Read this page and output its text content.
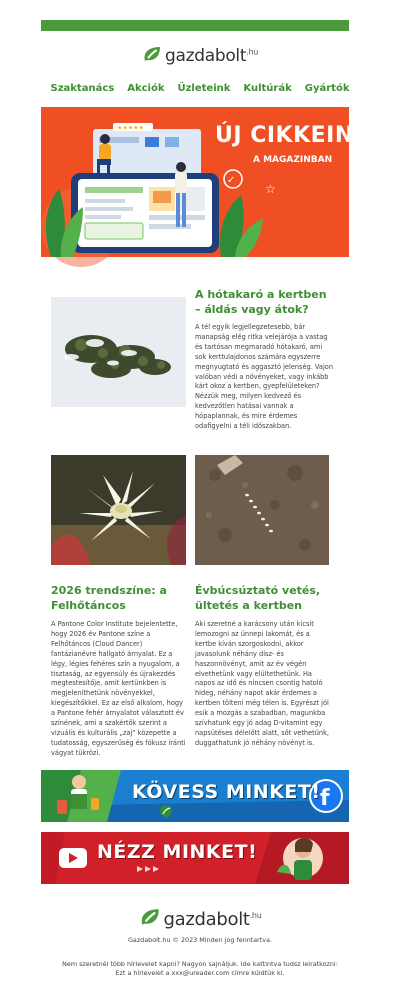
gazdabolt$^{.hu}$
Szaktanács Akciók Üzleteink Kultúrák Gyártók
★★★★★
✓
☆
ÚJ CIKKEINK
A MAGAZINBAN
A hótakaró a kertben – áldás vagy átok?
A tél egyik legjellegzetesebb, bár manapság elég ritka velejárója a vastag és tartósan megmaradó hótakaró, ami sok kerttulajdonos számára egyszerre megnyugtató és aggasztó jelenség. Vajon valóban védi a növényeket, vagy inkább kárt okoz a kertben, gyepfelületeken? Nézzük meg, milyen kedvező és kedvezőtlen hatásai vannak a hópaplannak, és mire érdemes odafigyelni a téli időszakban.
2026 trendszíne: a Felhőtáncos
A Pantone Color Institute bejelentette, hogy 2026 év Pantone színe a Felhőtáncos (Cloud Dancer) fantázianévre hallgató árnyalat. Ez a légy, légies fehéres szín a nyugalom, a tisztaság, az egyensúly és újrakezdés megtestesítője, amit kertünkben is megjeleníthetünk növényekkel, kiegészítőkkel. Ez az első alkalom, hogy a Pantone fehér árnyalatot választott év színének, ami a szakértők szerint a vizuális és kulturális „zaj” közepette a tudatosság, egyszerűség és fókusz iránti vágyat tükrözi.
Évbúcsúztató vetés, ültetés a kertben
Aki szeretné a karácsony után kicsit lemozogni az ünnepi lakomát, és a kertbe kíván szorgoskodni, akkor javasolunk néhány dísz- és haszonnövényt, amit az év végén elvethetünk vagy elültethetünk. Ha napos az idő és nincsen csontig hatoló hideg, néhány napot akár érdemes a kertben tölteni még télen is. Egyrészt jól esik a mozgás a szabadban, magunkba szívhatunk egy jó adag D-vitamint egy napsütéses délelőtt alatt, sőt vethetünk, duggathatunk jó néhány növényt is.
f
KÖVESS MINKET!
NÉZZ MINKET!
gazdabolt$^{.hu}$
Gazdabolt.hu © 2023 Minden jog fenntartva.
Nem szeretnél több hírlevelet kapni? Nagyon sajnáljuk. Ide kattintva tudsz leiratkozni:
Ezt a hírlevelet a xxx@ureader.com címre küldtük ki.
